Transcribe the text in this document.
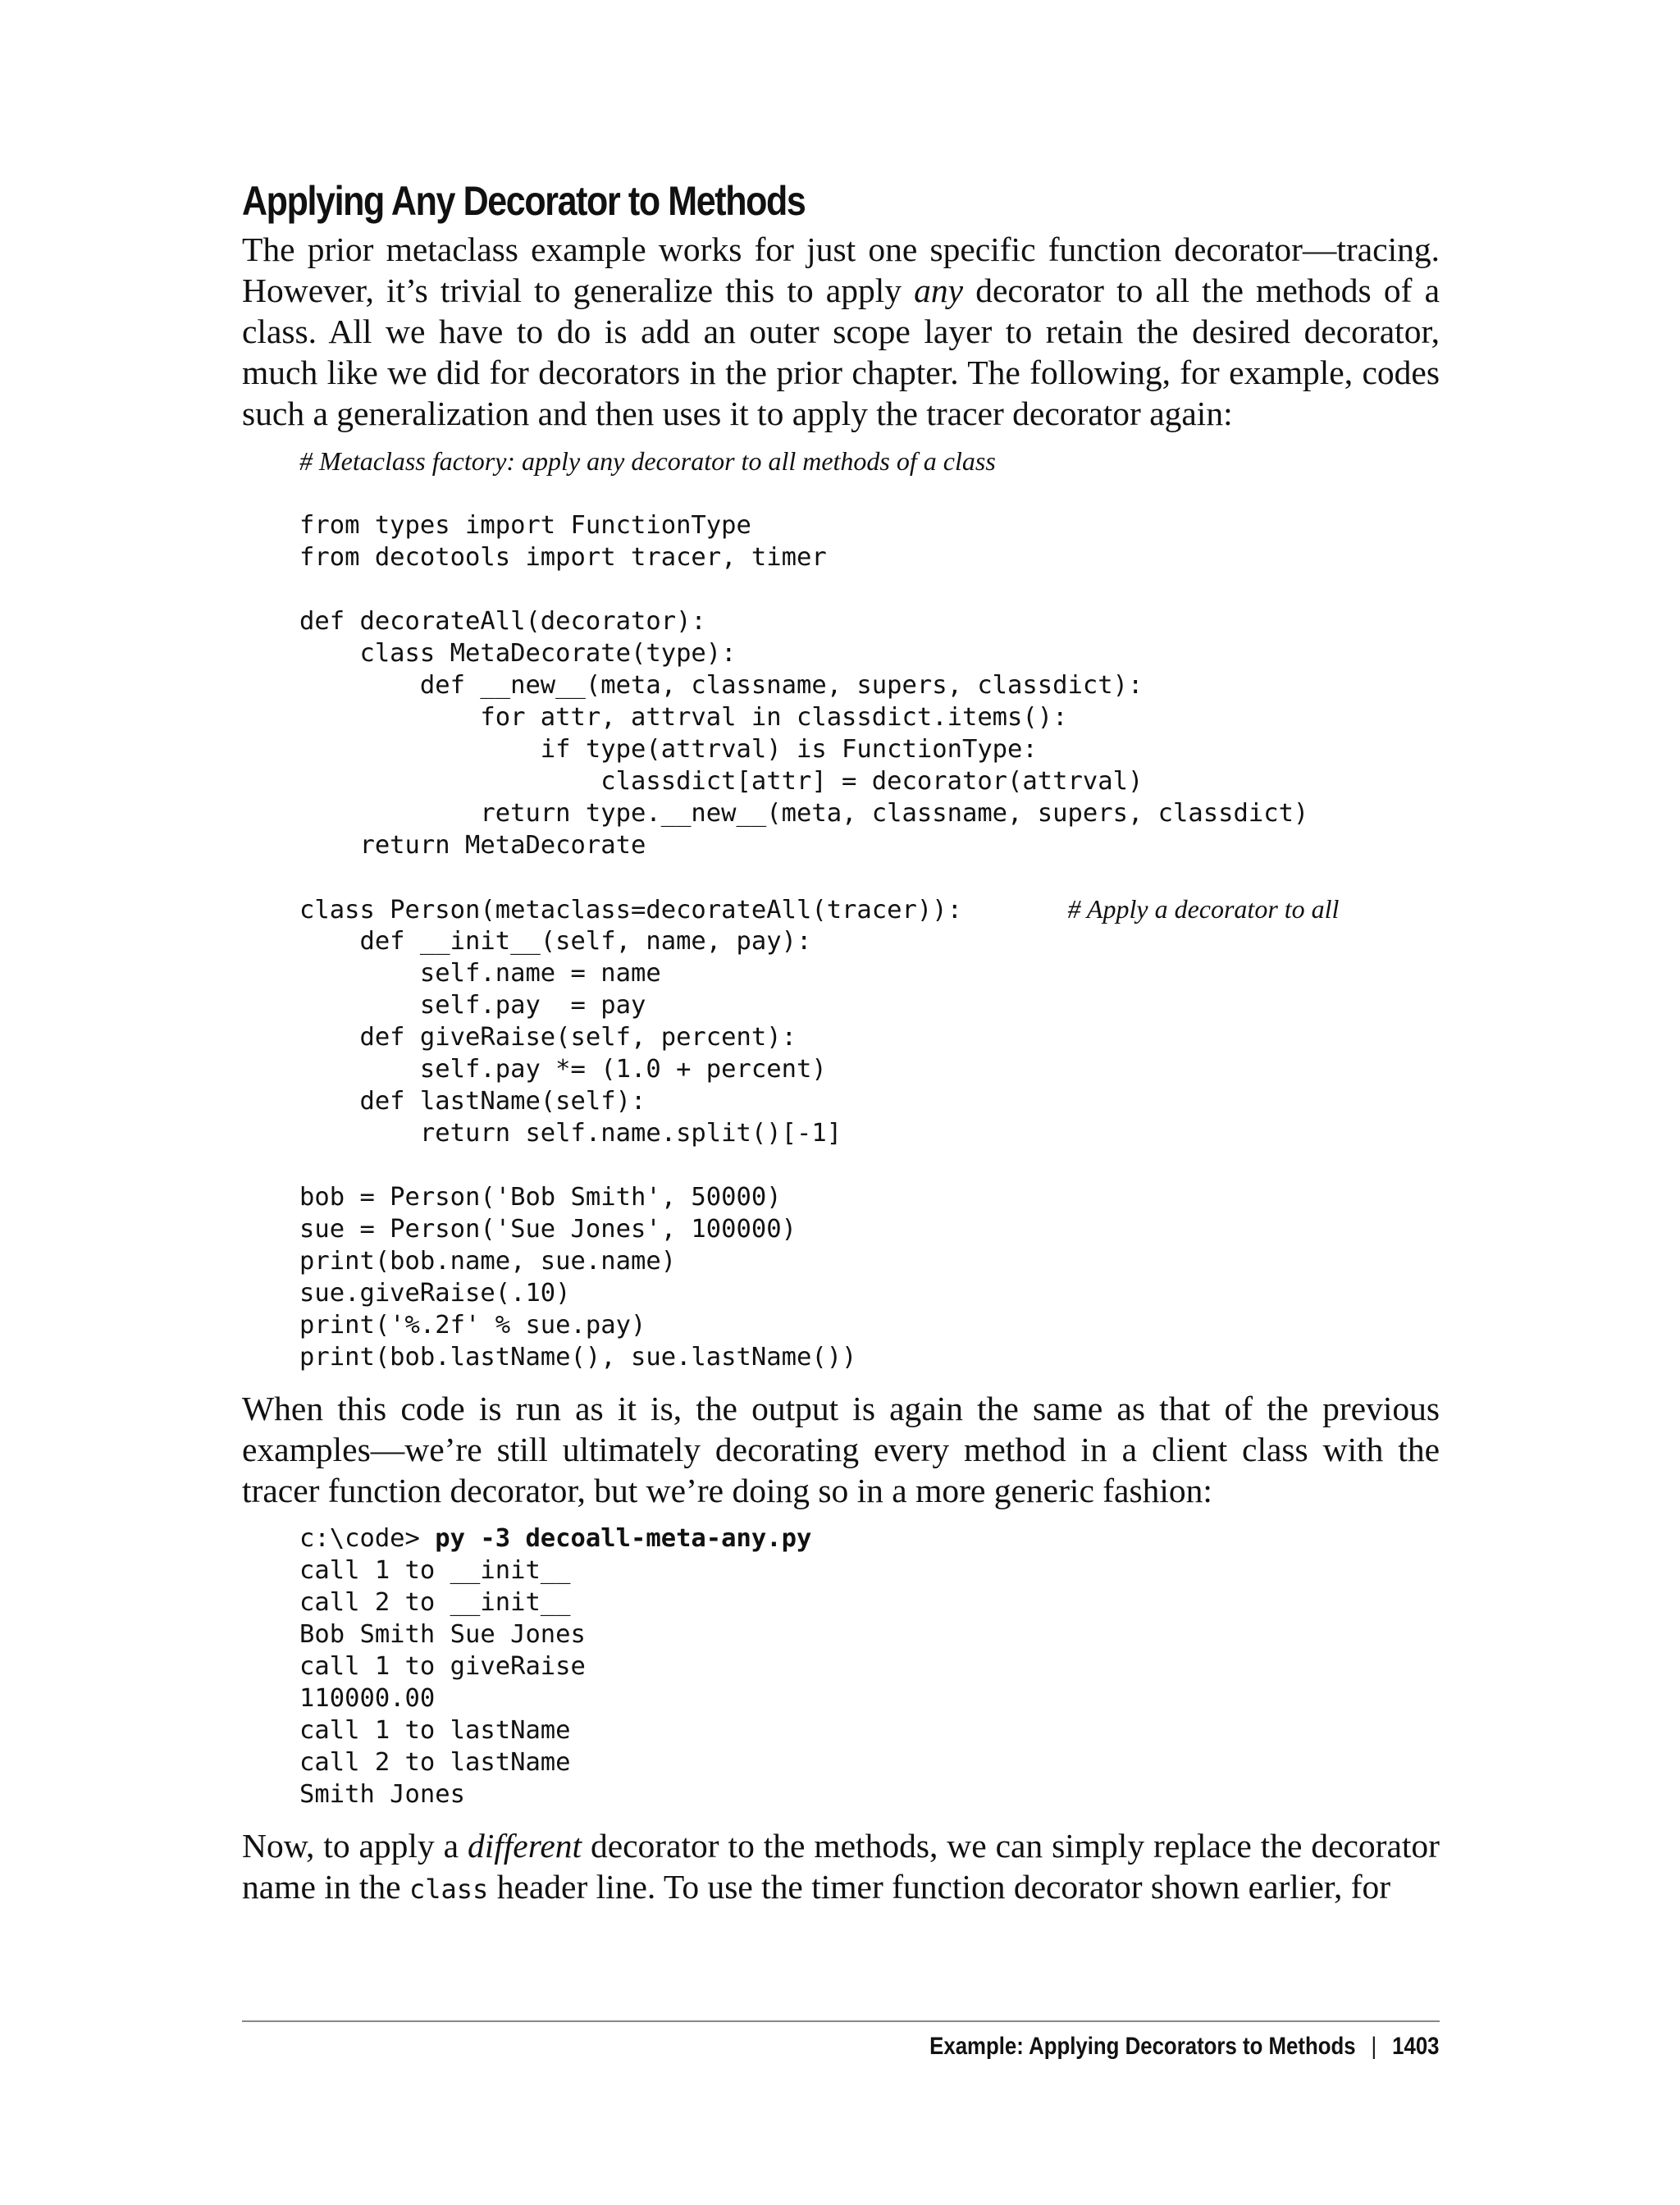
Applying Any Decorator to Methods

The prior metaclass example works for just one specific function decorator—tracing. However, it’s trivial to generalize this to apply any decorator to all the methods of a class. All we have to do is add an outer scope layer to retain the desired decorator, much like we did for decorators in the prior chapter. The following, for example, codes such a generalization and then uses it to apply the tracer decorator again:

# Metaclass factory: apply any decorator to all methods of a class
from types import FunctionType
from decotools import tracer, timer
def decorateAll(decorator):
class MetaDecorate(type):
def __new__(meta, classname, supers, classdict):
for attr, attrval in classdict.items():
if type(attrval) is FunctionType:
classdict[attr] = decorator(attrval)
return type.__new__(meta, classname, supers, classdict)
return MetaDecorate
class Person(metaclass=decorateAll(tracer)):       # Apply a decorator to all
def __init__(self, name, pay):
self.name = name
self.pay  = pay
def giveRaise(self, percent):
self.pay *= (1.0 + percent)
def lastName(self):
return self.name.split()[-1]
bob = Person('Bob Smith', 50000)
sue = Person('Sue Jones', 100000)
print(bob.name, sue.name)
sue.giveRaise(.10)
print('%.2f' % sue.pay)
print(bob.lastName(), sue.lastName())

When this code is run as it is, the output is again the same as that of the previous examples—we’re still ultimately decorating every method in a client class with the tracer function decorator, but we’re doing so in a more generic fashion:

c:\code> py -3 decoall-meta-any.py
call 1 to __init__
call 2 to __init__
Bob Smith Sue Jones
call 1 to giveRaise
110000.00
call 1 to lastName
call 2 to lastName
Smith Jones

Now, to apply a different decorator to the methods, we can simply replace the decorator name in the class header line. To use the timer function decorator shown earlier, for

Example: Applying Decorators to Methods | 1403
